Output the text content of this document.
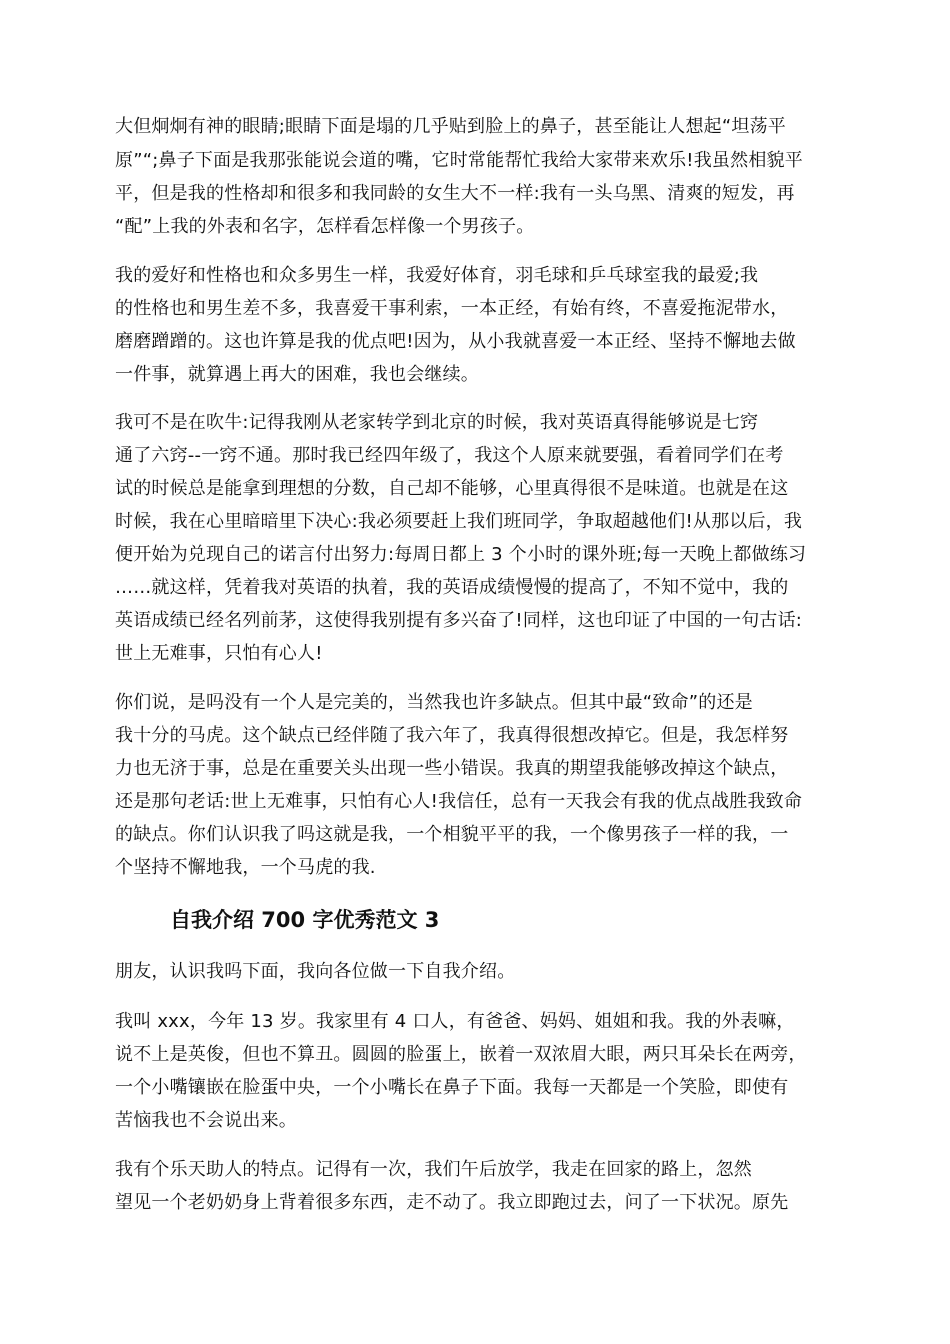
大但炯炯有神的眼睛;眼睛下面是塌的几乎贴到脸上的鼻子，甚至能让人想起“坦荡平
原”“;鼻子下面是我那张能说会道的嘴，它时常能帮忙我给大家带来欢乐!我虽然相貌平
平，但是我的性格却和很多和我同龄的女生大不一样:我有一头乌黑、清爽的短发，再
“配”上我的外表和名字，怎样看怎样像一个男孩子。
我的爱好和性格也和众多男生一样，我爱好体育，羽毛球和乒乓球室我的最爱;我
的性格也和男生差不多，我喜爱干事利索，一本正经，有始有终，不喜爱拖泥带水，
磨磨蹭蹭的。这也许算是我的优点吧!因为，从小我就喜爱一本正经、坚持不懈地去做
一件事，就算遇上再大的困难，我也会继续。
我可不是在吹牛:记得我刚从老家转学到北京的时候，我对英语真得能够说是七窍
通了六窍--一窍不通。那时我已经四年级了，我这个人原来就要强，看着同学们在考
试的时候总是能拿到理想的分数，自己却不能够，心里真得很不是味道。也就是在这
时候，我在心里暗暗里下决心:我必须要赶上我们班同学，争取超越他们!从那以后，我
便开始为兑现自己的诺言付出努力:每周日都上 3 个小时的课外班;每一天晚上都做练习
……就这样，凭着我对英语的执着，我的英语成绩慢慢的提高了，不知不觉中，我的
英语成绩已经名列前茅，这使得我别提有多兴奋了!同样，这也印证了中国的一句古话:
世上无难事，只怕有心人!
你们说，是吗没有一个人是完美的，当然我也许多缺点。但其中最“致命”的还是
我十分的马虎。这个缺点已经伴随了我六年了，我真得很想改掉它。但是，我怎样努
力也无济于事，总是在重要关头出现一些小错误。我真的期望我能够改掉这个缺点，
还是那句老话:世上无难事，只怕有心人!我信任，总有一天我会有我的优点战胜我致命
的缺点。你们认识我了吗这就是我，一个相貌平平的我，一个像男孩子一样的我，一
个坚持不懈地我，一个马虎的我.
自我介绍 700 字优秀范文 3
朋友，认识我吗下面，我向各位做一下自我介绍。
我叫 xxx，今年 13 岁。我家里有 4 口人，有爸爸、妈妈、姐姐和我。我的外表嘛，
说不上是英俊，但也不算丑。圆圆的脸蛋上，嵌着一双浓眉大眼，两只耳朵长在两旁，
一个小嘴镶嵌在脸蛋中央，一个小嘴长在鼻子下面。我每一天都是一个笑脸，即使有
苦恼我也不会说出来。
我有个乐天助人的特点。记得有一次，我们午后放学，我走在回家的路上，忽然
望见一个老奶奶身上背着很多东西，走不动了。我立即跑过去，问了一下状况。原先
